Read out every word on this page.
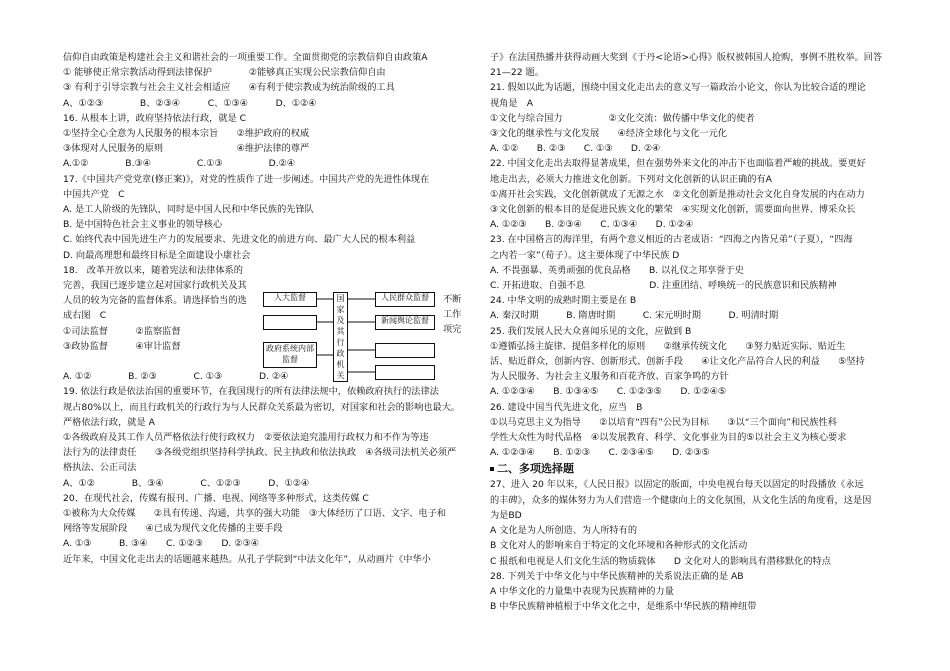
信仰自由政策是构建社会主义和谐社会的一项重要工作。全面贯彻党的宗教信仰自由政策A
① 能够使正常宗教活动得到法律保护　　　　②能够真正实现公民宗教信仰自由
③ 有利于引导宗教与社会主义社会相适应　　④有利于使宗教成为统治阶级的工具
A、①②③　　　　B、②③④　　　C、①③④　　　D、①②④
16. 从根本上讲，政府坚持依法行政，就是 C
①坚持全心全意为人民服务的根本宗旨　　②维护政府的权威
③体现对人民服务的原则　　　　　　　　④维护法律的尊严
A.①②　　　　B.③④　　　　　C.①③　　　　　D.②④
17.《中国共产党党章(修正案)》，对党的性质作了进一步阐述。中国共产党的先进性体现在
中国共产党　C
A. 是工人阶级的先锋队，同时是中国人民和中华民族的先锋队
B. 是中国特色社会主义事业的领导核心
C. 始终代表中国先进生产力的发展要求、先进文化的前进方向、最广大人民的根本利益
D. 向最高理想和最终目标是全面建设小康社会
18.　改革开放以来，随着宪法和法律体系的
完善，我国已逐步建立起对国家行政机关及其
人员的较为完备的监督体系。请选择恰当的选
成右图　C
①司法监督　　　②监察监督
③政协监督　　　④审计监督
A. ①②　　　　B. ②③　　　　C. ①③　　　　D. ②④
19. 依法行政是依法治国的重要环节，在我国现行的所有法律法规中，依赖政府执行的法律法
规占80%以上，而且行政机关的行政行为与人民群众关系最为密切，对国家和社会的影响也最大。
严格依法行政，就是 A
①各级政府及其工作人员严格依法行使行政权力　②要依法追究滥用行政权力和不作为等违
法行为的法律责任　　③各级党组织坚持科学执政、民主执政和依法执政　④各级司法机关必须严
格执法、公正司法
A、①②　　　　B、③④　　　　C、①②③　　　D、①②④
20、在现代社会，传媒有报刊、广播、电视、网络等多种形式，这类传媒 C
①被称为大众传媒　　②具有传递、沟通，共享的强大功能　③大体经历了口语、文字、电子和
网络等发展阶段　　④已成为现代文化传播的主要手段
A. ①③　　　B. ③④　　C. ①②③　　D. ②③④
近年来，中国文化走出去的话题越来越热。从孔子学院到“中法文化年”，从动画片《中华小
人大监督	国家及其行政机关
人民群众监督
新闻舆论监督
政府系统内部监督
不断
工作
项完
子》在法国热播并获得动画大奖到《于丹<论语>心得》版权被韩国人抢购，事例不胜枚举。回答
21—22 题。
21. 假如以此为话题，围绕中国文化走出去的意义写一篇政治小论文，你认为比较合适的理论
视角是　A
①文化与综合国力　　　　　②文化交流：做传播中华文化的使者
③文化的继承性与文化发展　　④经济全球化与文化一元化
A. ①②　　B. ②③　　C. ①③　　D. ②④
22. 中国文化走出去取得显著成果，但在强势外来文化的冲击下也面临着严峻的挑战。要更好
地走出去，必须大力推进文化创新。下列对文化创新的认识正确的有A
①离开社会实践，文化创新就成了无源之水　②文化创新是推动社会文化自身发展的内在动力
③文化创新的根本目的是促进民族文化的繁荣　④实现文化创新，需要面向世界、博采众长
A. ①②③　　B. ②③④　　C. ①③④　　D. ①②④
23. 在中国格言的海洋里，有两个意义相近的古老成语：“四海之内皆兄弟”（子夏），“四海
之内若一家”（荀子）。这主要体现了中华民族 D
A. 不畏强暴、英勇顽强的优良品格　　B. 以礼仪之邦享誉于史
C. 开拓进取、自强不息　　　　　　　D. 注重团结、呼唤统一的民族意识和民族精神
24. 中华文明的成熟时期主要是在 B
A. 秦汉时期　　　B. 隋唐时期　　　C. 宋元明时期　　　D. 明清时期
25. 我们发展人民大众喜闻乐见的文化，应做到 B
①遵循弘扬主旋律、提倡多样化的原则　　②继承传统文化　　③努力贴近实际、贴近生
活、贴近群众，创新内容、创新形式、创新手段　　④让文化产品符合人民的利益　　⑤坚持
为人民服务、为社会主义服务和百花齐放、百家争鸣的方针
A. ①②③④　　B. ①③④⑤　　C. ①②③⑤　　D. ①②④⑤
26. 建设中国当代先进文化，应当　B
①以马克思主义为指导　　②以培育“四有”公民为目标　　③以“三个面向”和民族性科
学性大众性为时代品格　④以发展教育、科学、文化事业为目的⑤以社会主义为核心要求
A. ①②③④　　B. ①②③　　C. ②③④⑤　　D. ②③⑤
二、多项选择题
27、进入 20 年以来，《人民日报》以固定的版面，中央电视台每天以固定的时段播放《永远
的丰碑》，众多的媒体努力为人们营造一个健康向上的文化氛围，从文化生活的角度看，这是因
为是BD
A 文化是为人所创造、为人所特有的
B 文化对人的影响来自于特定的文化环境和各种形式的文化活动
C 报纸和电视是人们文化生活的物质载体　　D 文化对人的影响具有潜移默化的特点
28. 下列关于中华文化与中华民族精神的关系说法正确的是 AB
A 中华文化的力量集中表现为民族精神的力量
B 中华民族精神植根于中华文化之中，是维系中华民族的精神纽带
